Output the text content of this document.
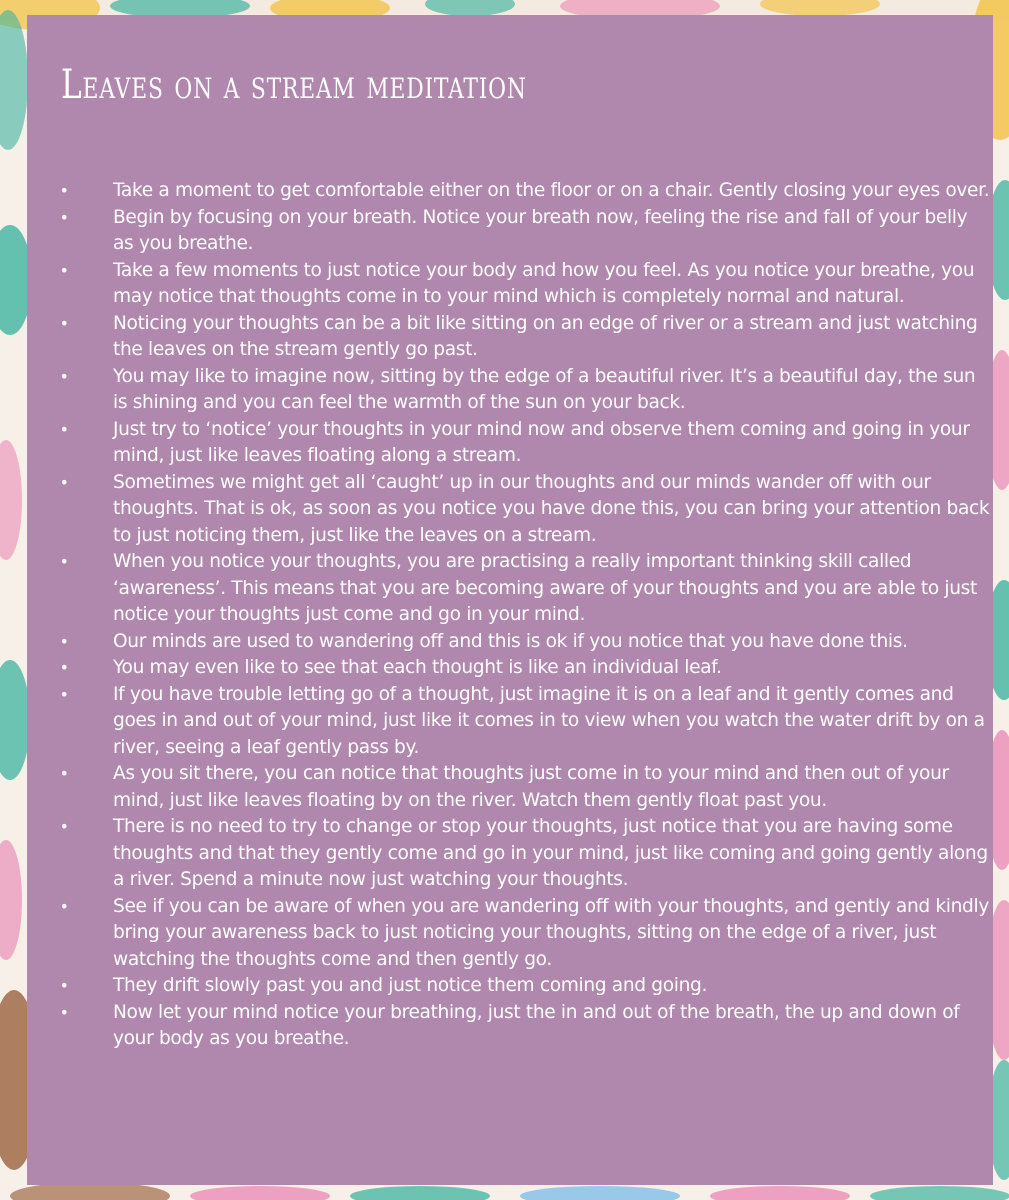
Leaves on a stream meditation
• Take a moment to get comfortable either on the floor or on a chair. Gently closing your eyes over.
• Begin by focusing on your breath. Notice your breath now, feeling the rise and fall of your belly as you breathe.
• Take a few moments to just notice your body and how you feel. As you notice your breathe, you may notice that thoughts come in to your mind which is completely normal and natural.
• Noticing your thoughts can be a bit like sitting on an edge of river or a stream and just watching the leaves on the stream gently go past.
• You may like to imagine now, sitting by the edge of a beautiful river. It’s a beautiful day, the sun is shining and you can feel the warmth of the sun on your back.
• Just try to ‘notice’ your thoughts in your mind now and observe them coming and going in your mind, just like leaves floating along a stream.
• Sometimes we might get all ‘caught’ up in our thoughts and our minds wander off with our thoughts. That is ok, as soon as you notice you have done this, you can bring your attention back to just noticing them, just like the leaves on a stream.
• When you notice your thoughts, you are practising a really important thinking skill called ‘awareness’. This means that you are becoming aware of your thoughts and you are able to just notice your thoughts just come and go in your mind.
• Our minds are used to wandering off and this is ok if you notice that you have done this.
• You may even like to see that each thought is like an individual leaf.
• If you have trouble letting go of a thought, just imagine it is on a leaf and it gently comes and goes in and out of your mind, just like it comes in to view when you watch the water drift by on a river, seeing a leaf gently pass by.
• As you sit there, you can notice that thoughts just come in to your mind and then out of your mind, just like leaves floating by on the river. Watch them gently float past you.
• There is no need to try to change or stop your thoughts, just notice that you are having some thoughts and that they gently come and go in your mind, just like coming and going gently along a river. Spend a minute now just watching your thoughts.
• See if you can be aware of when you are wandering off with your thoughts, and gently and kindly bring your awareness back to just noticing your thoughts, sitting on the edge of a river, just watching the thoughts come and then gently go.
• They drift slowly past you and just notice them coming and going.
• Now let your mind notice your breathing, just the in and out of the breath, the up and down of your body as you breathe.
